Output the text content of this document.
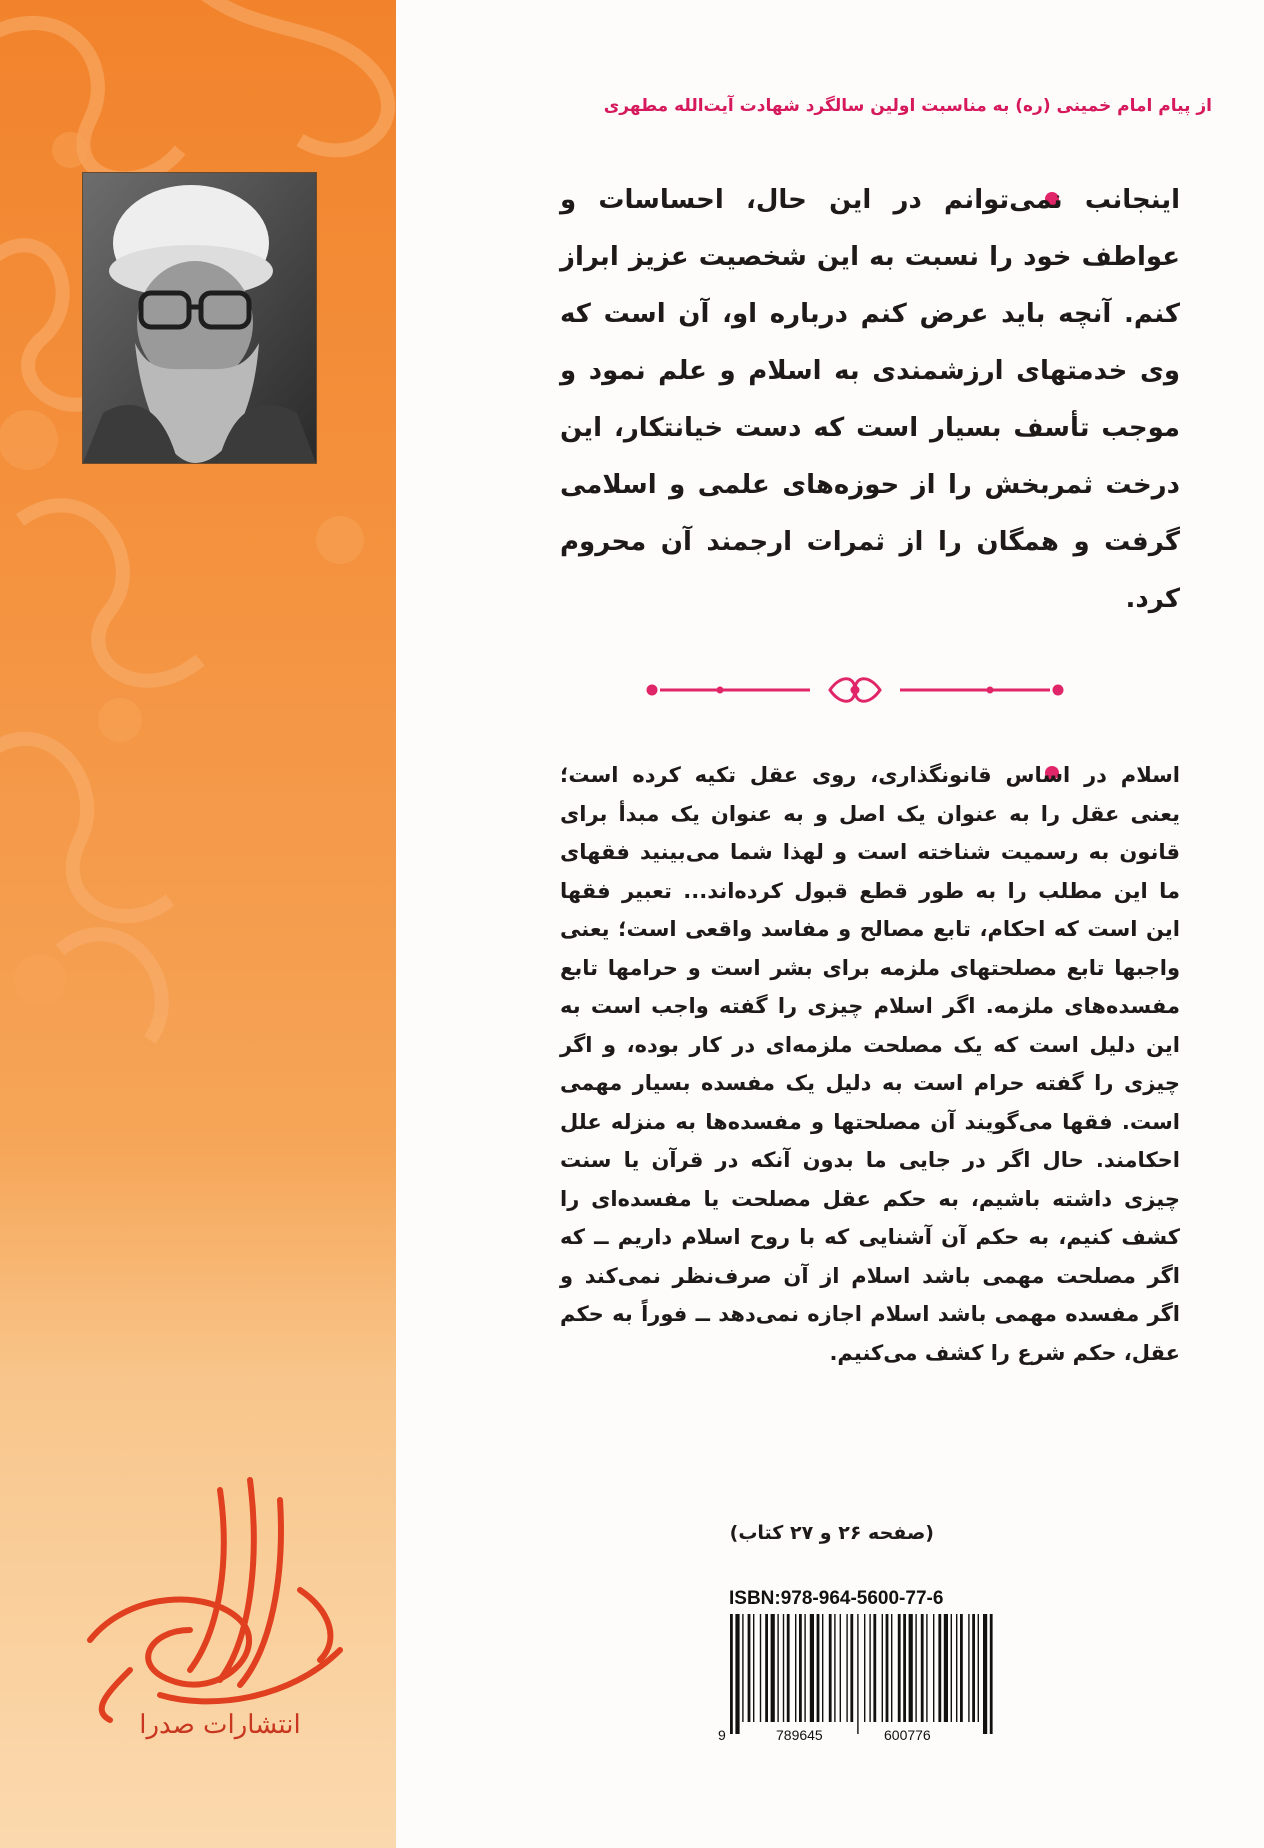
انتشارات صدرا
از پیام امام خمینی (ره) به مناسبت اولین سالگرد شهادت آیت‌الله مطهری
اینجانب نمی‌توانم در این حال، احساسات و عواطف خود را نسبت به این شخصیت عزیز ابراز کنم. آنچه باید عرض کنم درباره او، آن است که وی خدمتهای ارزشمندی به اسلام و علم نمود و موجب تأسف بسیار است که دست خیانتکار، این درخت ثمربخش را از حوزه‌های علمی و اسلامی گرفت و همگان را از ثمرات ارجمند آن محروم کرد.
اسلام در اساس قانونگذاری، روی عقل تکیه کرده است؛ یعنی عقل را به عنوان یک اصل و به عنوان یک مبدأ برای قانون به رسمیت شناخته است و لهذا شما می‌بینید فقهای ما این مطلب را به طور قطع قبول کرده‌اند... تعبیر فقها این است که احکام، تابع مصالح و مفاسد واقعی است؛ یعنی واجبها تابع مصلحتهای ملزمه برای بشر است و حرامها تابع مفسده‌های ملزمه. اگر اسلام چیزی را گفته واجب است به این دلیل است که یک مصلحت ملزمه‌ای در کار بوده، و اگر چیزی را گفته حرام است به دلیل یک مفسده بسیار مهمی است. فقها می‌گویند آن مصلحتها و مفسده‌ها به منزله علل احکامند. حال اگر در جایی ما بدون آنکه در قرآن یا سنت چیزی داشته باشیم، به حکم عقل مصلحت یا مفسده‌ای را کشف کنیم، به حکم آن آشنایی که با روح اسلام داریم ــ که اگر مصلحت مهمی باشد اسلام از آن صرف‌نظر نمی‌کند و اگر مفسده مهمی باشد اسلام اجازه نمی‌دهد ــ فوراً به حکم عقل، حکم شرع را کشف می‌کنیم.
(صفحه ۲۶ و ۲۷ کتاب)
ISBN:978-964-5600-77-6
9	789645	600776
